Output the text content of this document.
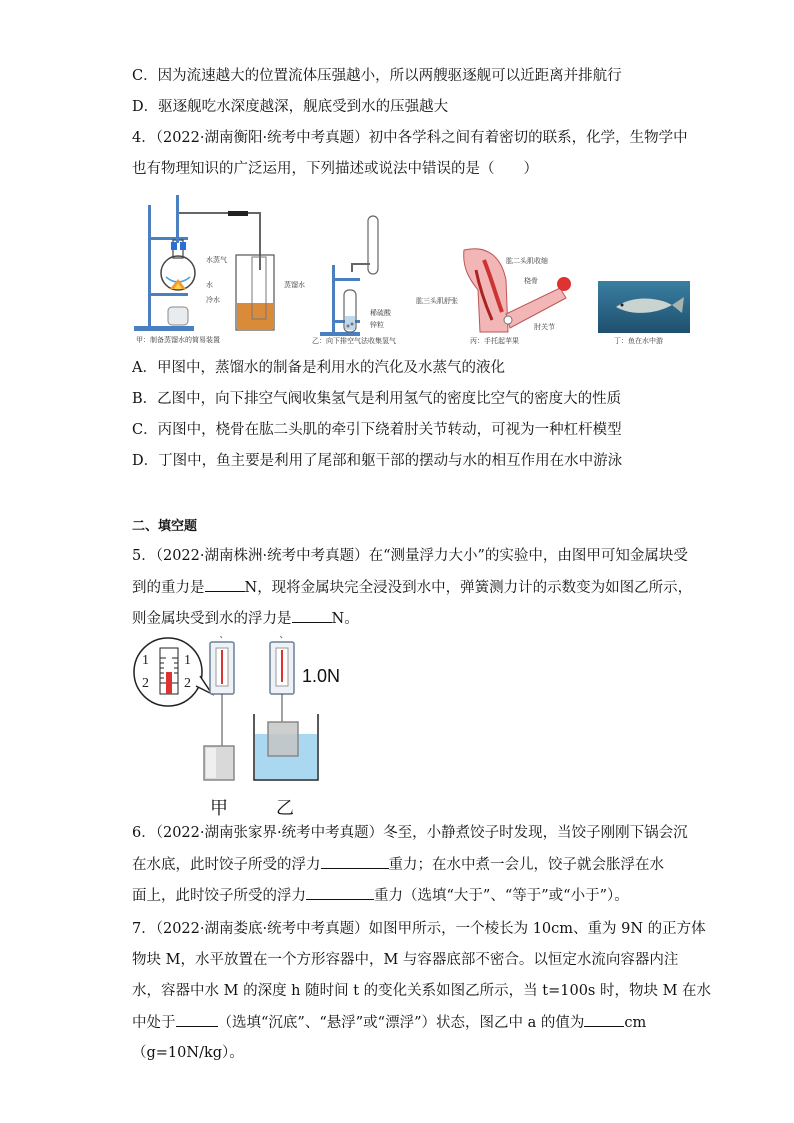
C．因为流速越大的位置流体压强越小，所以两艘驱逐舰可以近距离并排航行
D．驱逐舰吃水深度越深，舰底受到水的压强越大
4．（2022·湖南衡阳·统考中考真题）初中各学科之间有着密切的联系，化学，生物学中
也有物理知识的广泛运用，下列描述或说法中错误的是（　　）
水蒸气
水	蒸馏水
冷水
甲：制备蒸馏水的简易装置
稀硫酸
锌粒
乙：向下排空气法收集氢气
肱二头肌收缩
桡骨
肱三头肌舒张
肘关节
丙：手托起苹果	丁：鱼在水中游
A．甲图中，蒸馏水的制备是利用水的汽化及水蒸气的液化
B．乙图中，向下排空气阀收集氢气是利用氢气的密度比空气的密度大的性质
C．丙图中，桡骨在肱二头肌的牵引下绕着肘关节转动，可视为一种杠杆模型
D．丁图中，鱼主要是利用了尾部和躯干部的摆动与水的相互作用在水中游泳
二、填空题
5．（2022·湖南株洲·统考中考真题）在“测量浮力大小”的实验中，由图甲可知金属块受
到的重力是	N，现将金属块完全浸没到水中，弹簧测力计的示数变为如图乙所示，
则金属块受到水的浮力是	N。
1
2
1
2	1.0N
甲	乙
6．（2022·湖南张家界·统考中考真题）冬至，小静煮饺子时发现，当饺子刚刚下锅会沉
在水底，此时饺子所受的浮力	重力；在水中煮一会儿，饺子就会胀浮在水
面上，此时饺子所受的浮力	重力（选填“大于”、“等于”或“小于”）。
7．（2022·湖南娄底·统考中考真题）如图甲所示，一个棱长为 10cm、重为 9N 的正方体
物块 M，水平放置在一个方形容器中，M 与容器底部不密合。以恒定水流向容器内注
水，容器中水 M 的深度 h 随时间 t 的变化关系如图乙所示，当 t=100s 时，物块 M 在水
中处于	（选填“沉底”、“悬浮”或“漂浮”）状态，图乙中 a 的值为	cm
（g=10N/kg）。
